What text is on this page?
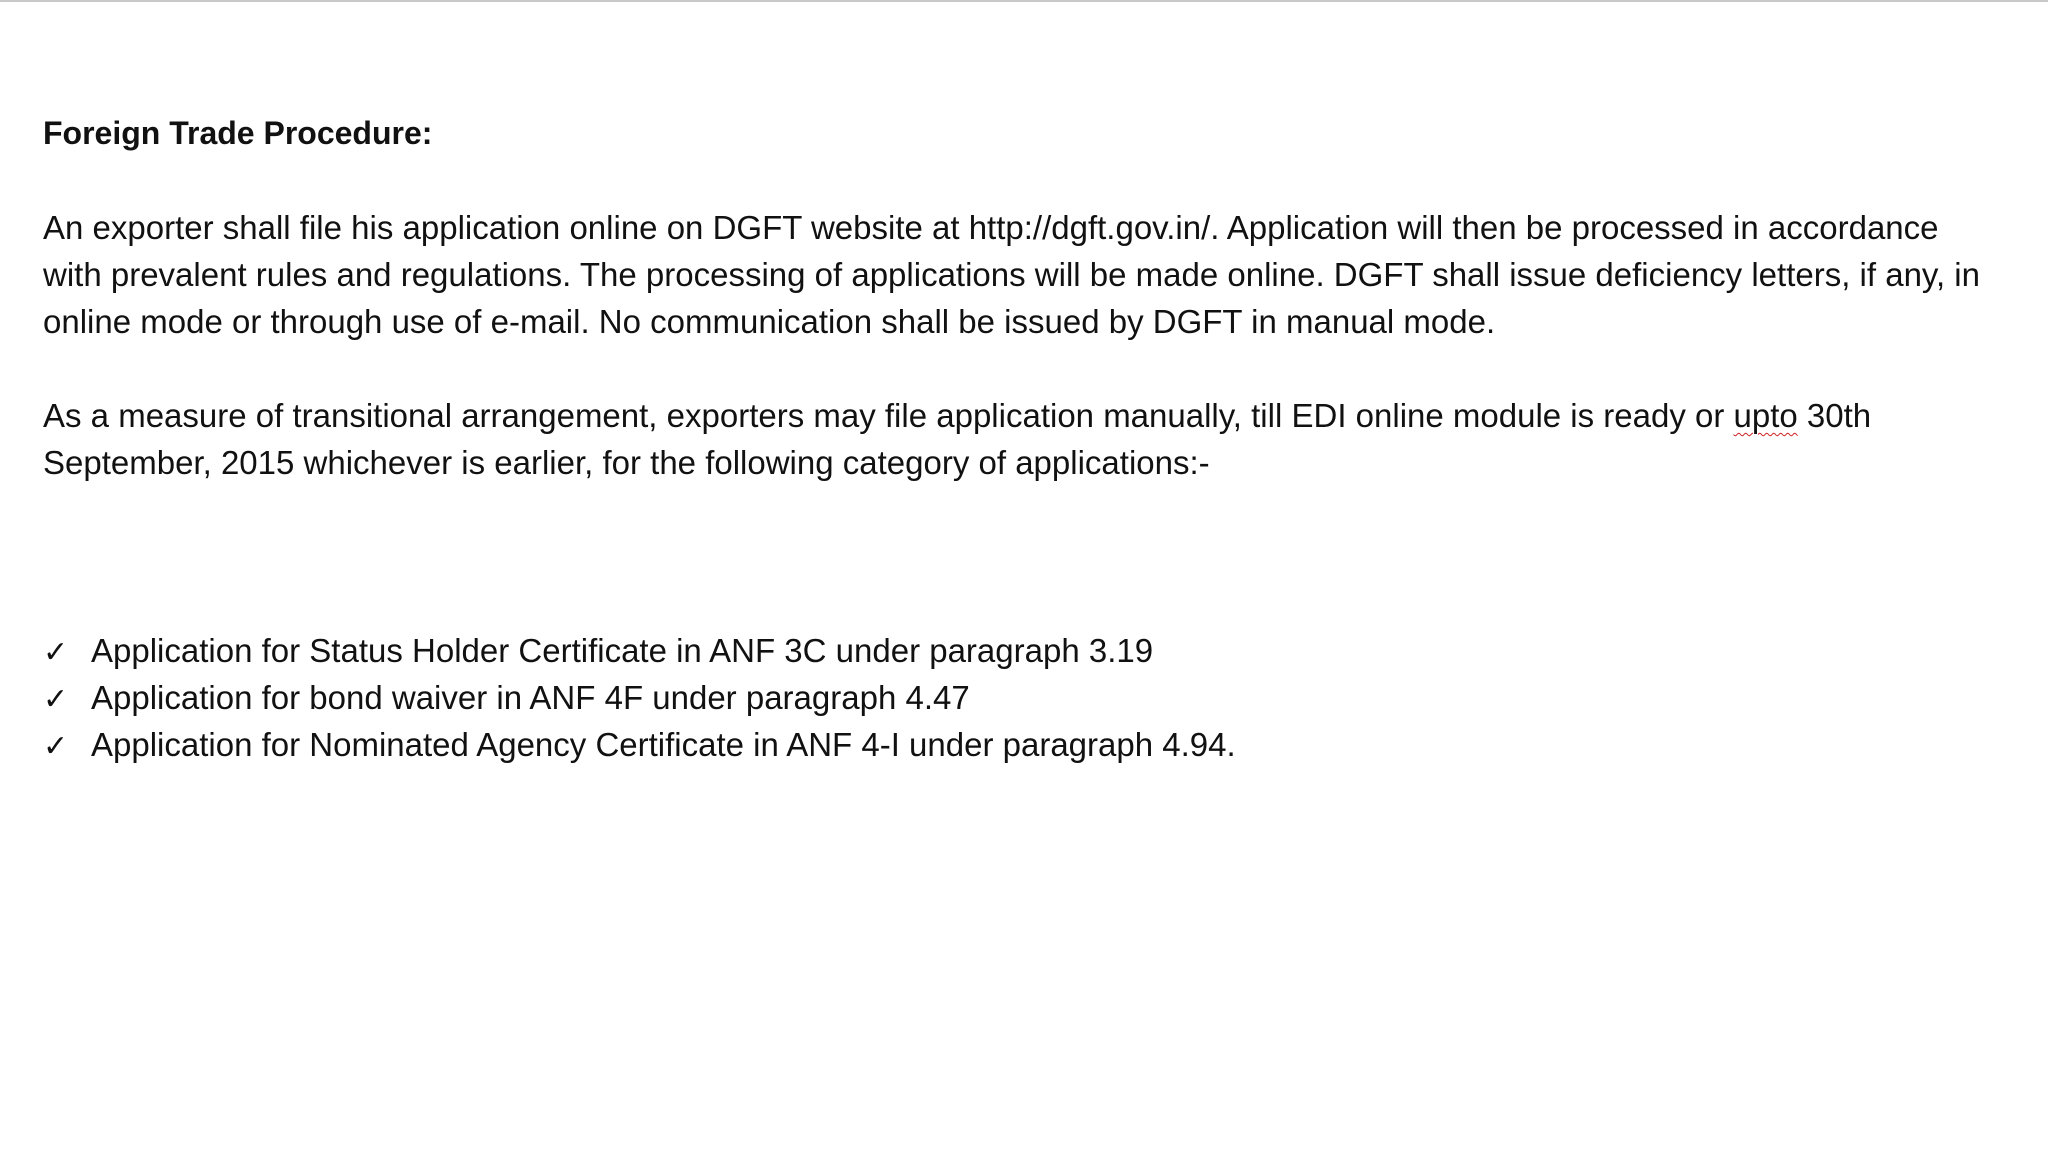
Foreign Trade Procedure:

An exporter shall file his application online on DGFT website at http://dgft.gov.in/. Application will then be processed in accordance with prevalent rules and regulations. The processing of applications will be made online. DGFT shall issue deficiency letters, if any, in online mode or through use of e-mail. No communication shall be issued by DGFT in manual mode.

As a measure of transitional arrangement, exporters may file application manually, till EDI online module is ready or upto 30th September, 2015 whichever is earlier, for the following category of applications:-

✓ Application for Status Holder Certificate in ANF 3C under paragraph 3.19
✓ Application for bond waiver in ANF 4F under paragraph 4.47
✓ Application for Nominated Agency Certificate in ANF 4-I under paragraph 4.94.
